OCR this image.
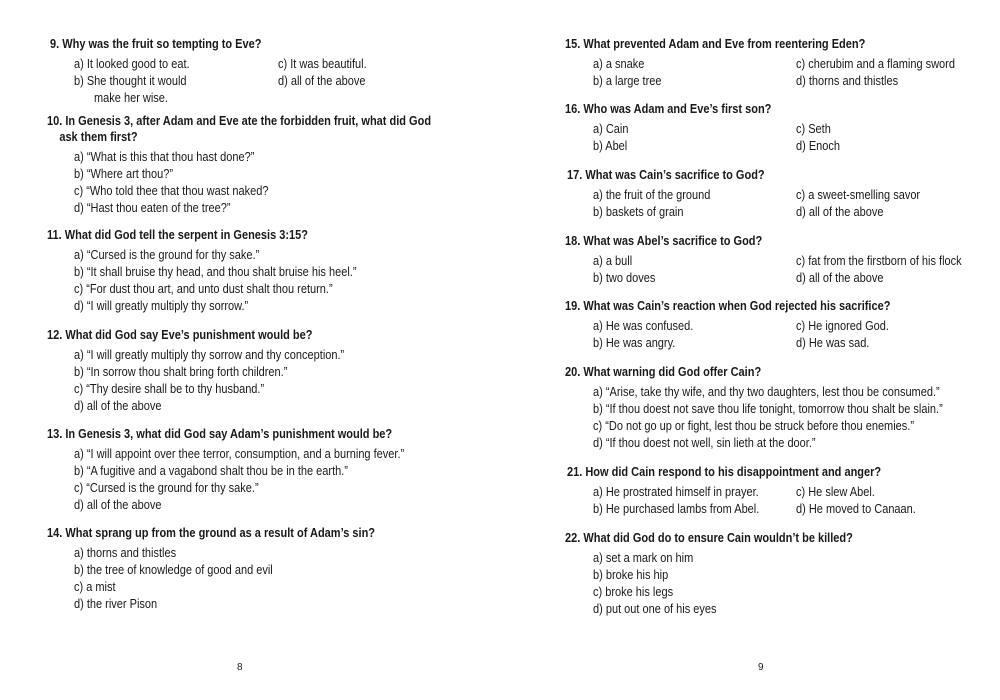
9. Why was the fruit so tempting to Eve?
a) It looked good to eat.
b) She thought it would
make her wise.
c) It was beautiful.
d) all of the above
10. In Genesis 3, after Adam and Eve ate the forbidden fruit, what did God
ask them first?
a) “What is this that thou hast done?”
b) “Where art thou?”
c) “Who told thee that thou wast naked?
d) “Hast thou eaten of the tree?”
11. What did God tell the serpent in Genesis 3:15?
a) “Cursed is the ground for thy sake.”
b) “It shall bruise thy head, and thou shalt bruise his heel.”
c) “For dust thou art, and unto dust shalt thou return.”
d) “I will greatly multiply thy sorrow.”
12. What did God say Eve’s punishment would be?
a) “I will greatly multiply thy sorrow and thy conception.”
b) “In sorrow thou shalt bring forth children.”
c) “Thy desire shall be to thy husband.”
d) all of the above
13. In Genesis 3, what did God say Adam’s punishment would be?
a) “I will appoint over thee terror, consumption, and a burning fever.”
b) “A fugitive and a vagabond shalt thou be in the earth.”
c) “Cursed is the ground for thy sake.”
d) all of the above
14. What sprang up from the ground as a result of Adam’s sin?
a) thorns and thistles
b) the tree of knowledge of good and evil
c) a mist
d) the river Pison
8
15. What prevented Adam and Eve from reentering Eden?
a) a snake
b) a large tree
c) cherubim and a flaming sword
d) thorns and thistles
16. Who was Adam and Eve’s first son?
a) Cain
b) Abel
c) Seth
d) Enoch
17. What was Cain’s sacrifice to God?
a) the fruit of the ground
b) baskets of grain
c) a sweet-smelling savor
d) all of the above
18. What was Abel’s sacrifice to God?
a) a bull
b) two doves
c) fat from the firstborn of his flock
d) all of the above
19. What was Cain’s reaction when God rejected his sacrifice?
a) He was confused.
b) He was angry.
c) He ignored God.
d) He was sad.
20. What warning did God offer Cain?
a) “Arise, take thy wife, and thy two daughters, lest thou be consumed.”
b) “If thou doest not save thou life tonight, tomorrow thou shalt be slain.”
c) “Do not go up or fight, lest thou be struck before thou enemies.”
d) “If thou doest not well, sin lieth at the door.”
21. How did Cain respond to his disappointment and anger?
a) He prostrated himself in prayer.
b) He purchased lambs from Abel.
c) He slew Abel.
d) He moved to Canaan.
22. What did God do to ensure Cain wouldn’t be killed?
a) set a mark on him
b) broke his hip
c) broke his legs
d) put out one of his eyes
9
